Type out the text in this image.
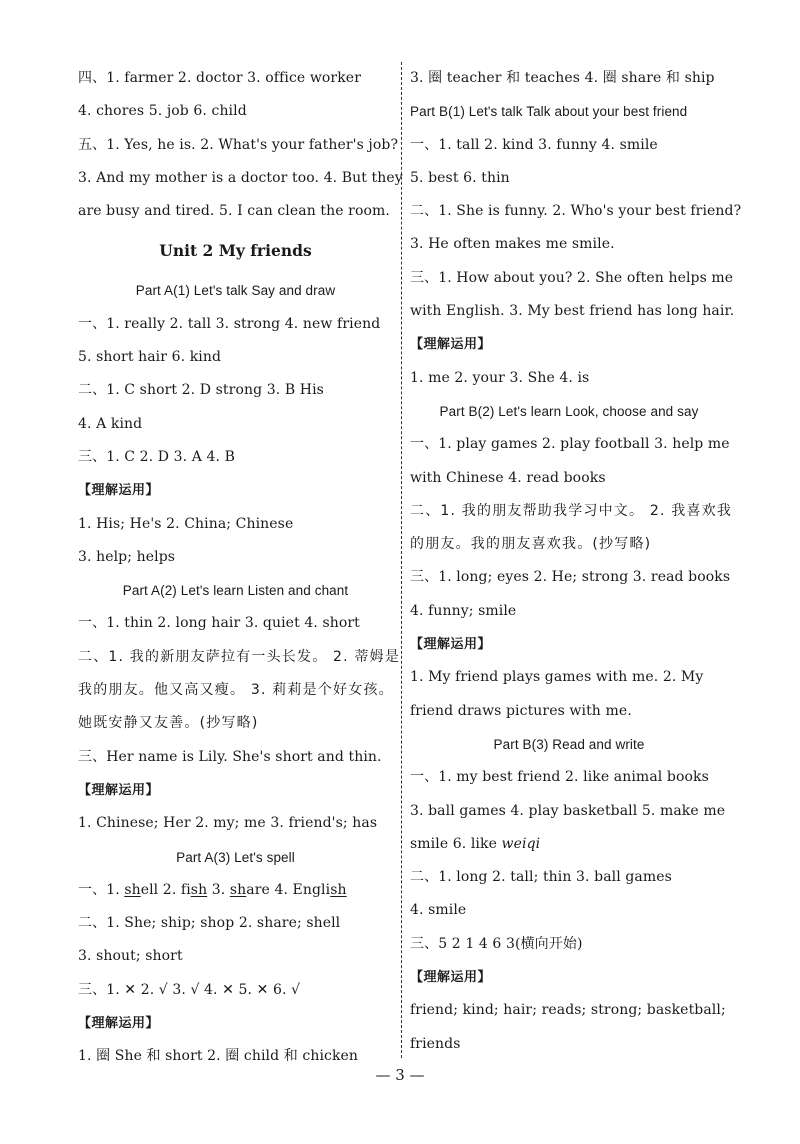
四、1. farmer 2. doctor 3. office worker
4. chores 5. job 6. child
五、1. Yes, he is. 2. What's your father's job?
3. And my mother is a doctor too. 4. But they
are busy and tired. 5. I can clean the room.
Unit 2 My friends
Part A(1) Let's talk Say and draw
一、1. really 2. tall 3. strong 4. new friend
5. short hair 6. kind
二、1. C short 2. D strong 3. B His
4. A kind
三、1. C 2. D 3. A 4. B
【理解运用】
1. His; He's 2. China; Chinese
3. help; helps
Part A(2) Let's learn Listen and chant
一、1. thin 2. long hair 3. quiet 4. short
二、1. 我的新朋友萨拉有一头长发。 2. 蒂姆是
我的朋友。他又高又瘦。 3. 莉莉是个好女孩。
她既安静又友善。(抄写略)
三、Her name is Lily. She's short and thin.
【理解运用】
1. Chinese; Her 2. my; me 3. friend's; has
Part A(3) Let's spell
一、1. shell 2. fish 3. share 4. English
二、1. She; ship; shop 2. share; shell
3. shout; short
三、1. ✕ 2. √ 3. √ 4. ✕ 5. ✕ 6. √
【理解运用】
1. 圈 She 和 short 2. 圈 child 和 chicken
3. 圈 teacher 和 teaches 4. 圈 share 和 ship
Part B(1) Let's talk Talk about your best friend
一、1. tall 2. kind 3. funny 4. smile
5. best 6. thin
二、1. She is funny. 2. Who's your best friend?
3. He often makes me smile.
三、1. How about you? 2. She often helps me
with English. 3. My best friend has long hair.
【理解运用】
1. me 2. your 3. She 4. is
Part B(2) Let's learn Look, choose and say
一、1. play games 2. play football 3. help me
with Chinese 4. read books
二、1. 我的朋友帮助我学习中文。 2. 我喜欢我
的朋友。我的朋友喜欢我。(抄写略)
三、1. long; eyes 2. He; strong 3. read books
4. funny; smile
【理解运用】
1. My friend plays games with me. 2. My
friend draws pictures with me.
Part B(3) Read and write
一、1. my best friend 2. like animal books
3. ball games 4. play basketball 5. make me
smile 6. like weiqi
二、1. long 2. tall; thin 3. ball games
4. smile
三、5 2 1 4 6 3(横向开始)
【理解运用】
friend; kind; hair; reads; strong; basketball;
friends
— 3 —
